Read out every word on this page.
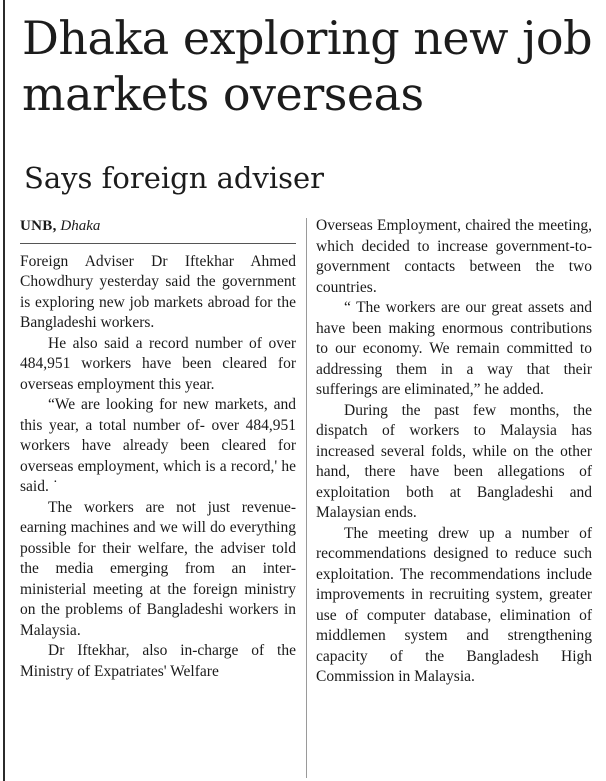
Dhaka exploring new job markets overseas
Says foreign adviser
UNB, Dhaka

Foreign Adviser Dr Iftekhar Ahmed Chowdhury yesterday said the government is exploring new job markets abroad for the Bangladeshi workers.

He also said a record number of over 484,951 workers have been cleared for overseas employment this year.

“We are looking for new markets, and this year, a total number of- over 484,951 workers have already been cleared for overseas employment, which is a record,' he said. ˙

The workers are not just revenue-earning machines and we will do everything possible for their welfare, the adviser told the media emerging from an inter-ministerial meeting at the foreign ministry on the problems of Bangladeshi workers in Malaysia.

Dr Iftekhar, also in-charge of the Ministry of Expatriates' Welfare

Overseas Employment, chaired the meeting, which decided to increase government-to-government contacts between the two countries.

“ The workers are our great assets and have been making enormous contributions to our economy. We remain committed to addressing them in a way that their sufferings are eliminated,” he added.

During the past few months, the dispatch of workers to Malaysia has increased several folds, while on the other hand, there have been allegations of exploitation both at Bangladeshi and Malaysian ends.

The meeting drew up a number of recommendations designed to reduce such exploitation. The recommendations include improvements in recruiting system, greater use of computer database, elimination of middlemen system and strengthening capacity of the Bangladesh High Commission in Malaysia.
